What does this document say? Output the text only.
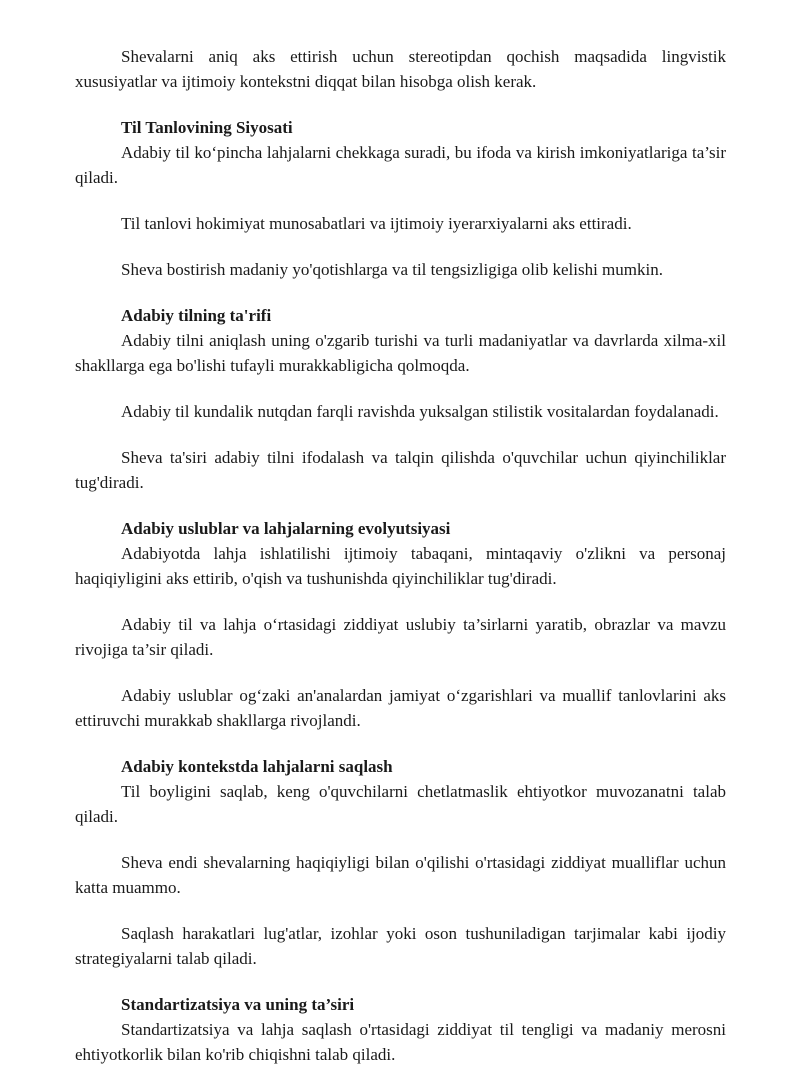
Shevalarni aniq aks ettirish uchun stereotipdan qochish maqsadida lingvistik xususiyatlar va ijtimoiy kontekstni diqqat bilan hisobga olish kerak.

Til Tanlovining Siyosati

Adabiy til ko‘pincha lahjalarni chekkaga suradi, bu ifoda va kirish imkoniyatlariga ta’sir qiladi.

Til tanlovi hokimiyat munosabatlari va ijtimoiy iyerarxiyalarni aks ettiradi.

Sheva bostirish madaniy yo'qotishlarga va til tengsizligiga olib kelishi mumkin.

Adabiy tilning ta'rifi

Adabiy tilni aniqlash uning o'zgarib turishi va turli madaniyatlar va davrlarda xilma-xil shakllarga ega bo'lishi tufayli murakkabligicha qolmoqda.

Adabiy til kundalik nutqdan farqli ravishda yuksalgan stilistik vositalardan foydalanadi.

Sheva ta'siri adabiy tilni ifodalash va talqin qilishda o'quvchilar uchun qiyinchiliklar tug'diradi.

Adabiy uslublar va lahjalarning evolyutsiyasi

Adabiyotda lahja ishlatilishi ijtimoiy tabaqani, mintaqaviy o'zlikni va personaj haqiqiyligini aks ettirib, o'qish va tushunishda qiyinchiliklar tug'diradi.

Adabiy til va lahja o‘rtasidagi ziddiyat uslubiy ta’sirlarni yaratib, obrazlar va mavzu rivojiga ta’sir qiladi.

Adabiy uslublar og‘zaki an'analardan jamiyat o‘zgarishlari va muallif tanlovlarini aks ettiruvchi murakkab shakllarga rivojlandi.

Adabiy kontekstda lahjalarni saqlash

Til boyligini saqlab, keng o'quvchilarni chetlatmaslik ehtiyotkor muvozanatni talab qiladi.

Sheva endi shevalarning haqiqiyligi bilan o'qilishi o'rtasidagi ziddiyat mualliflar uchun katta muammo.

Saqlash harakatlari lug'atlar, izohlar yoki oson tushuniladigan tarjimalar kabi ijodiy strategiyalarni talab qiladi.

Standartizatsiya va uning ta’siri

Standartizatsiya va lahja saqlash o'rtasidagi ziddiyat til tengligi va madaniy merosni ehtiyotkorlik bilan ko'rib chiqishni talab qiladi.
